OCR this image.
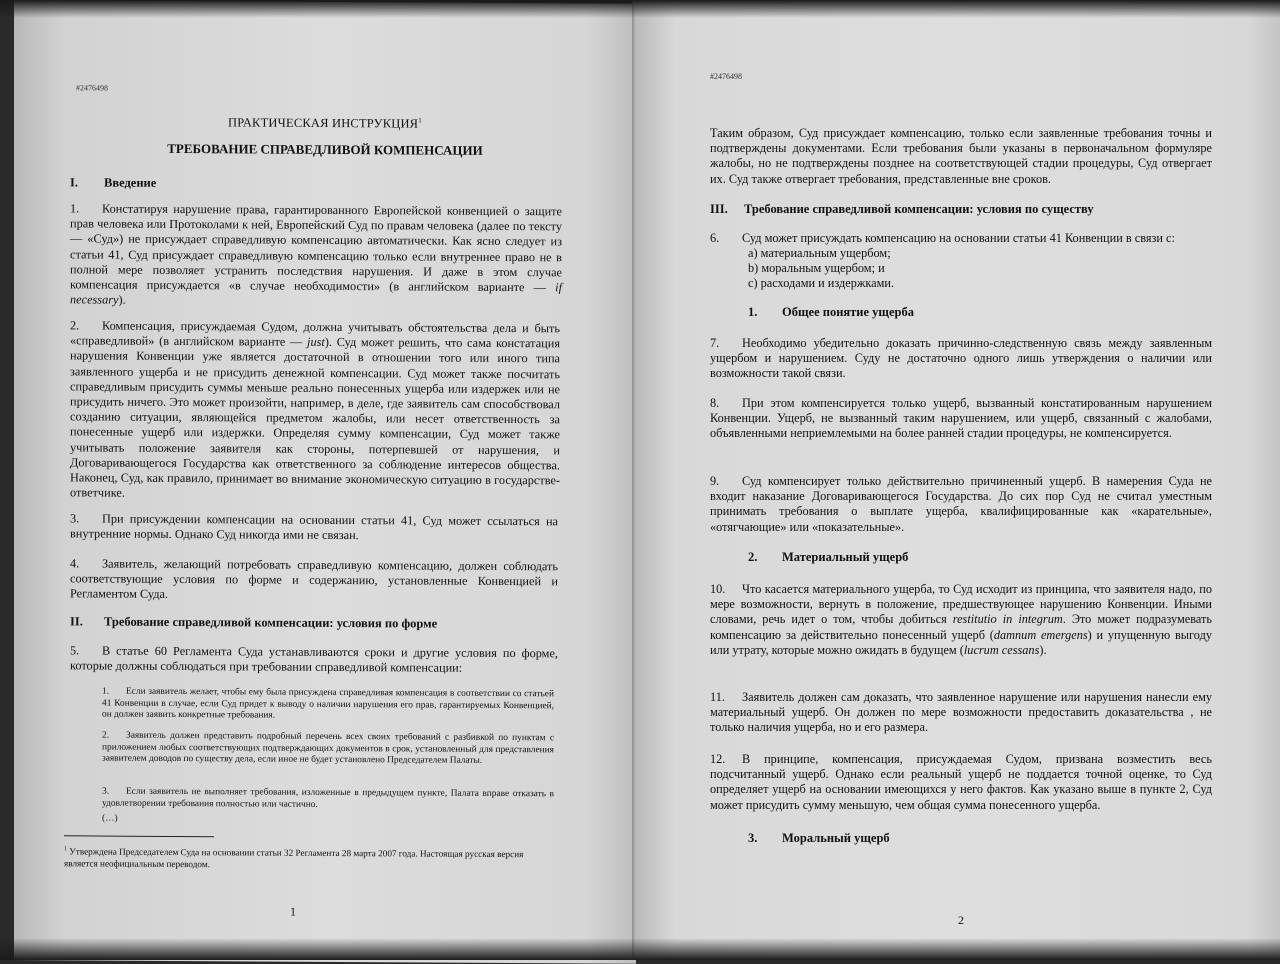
#2476498
ПРАКТИЧЕСКАЯ ИНСТРУКЦИЯ$^1$
ТРЕБОВАНИЕ СПРАВЕДЛИВОЙ КОМПЕНСАЦИИ
I. Введение
1. Констатируя нарушение права, гарантированного Европейской конвенцией о защите прав человека или Протоколами к ней, Европейский Суд по правам человека (далее по тексту — «Суд») не присуждает справедливую компенсацию автоматически. Как ясно следует из статьи 41, Суд присуждает справедливую компенсацию только если внутреннее право не в полной мере позволяет устранить последствия нарушения. И даже в этом случае компенсация присуждается «в случае необходимости» (в английском варианте — if necessary).
2. Компенсация, присуждаемая Судом, должна учитывать обстоятельства дела и быть «справедливой» (в английском варианте — just). Суд может решить, что сама констатация нарушения Конвенции уже является достаточной в отношении того или иного типа заявленного ущерба и не присудить денежной компенсации. Суд может также посчитать справедливым присудить суммы меньше реально понесенных ущерба или издержек или не присудить ничего. Это может произойти, например, в деле, где заявитель сам способствовал созданию ситуации, являющейся предметом жалобы, или несет ответственность за понесенные ущерб или издержки. Определяя сумму компенсации, Суд может также учитывать положение заявителя как стороны, потерпевшей от нарушения, и Договаривающегося Государства как ответственного за соблюдение интересов общества. Наконец, Суд, как правило, принимает во внимание экономическую ситуацию в государстве-ответчике.
3. При присуждении компенсации на основании статьи 41, Суд может ссылаться на внутренние нормы. Однако Суд никогда ими не связан.
4. Заявитель, желающий потребовать справедливую компенсацию, должен соблюдать соответствующие условия по форме и содержанию, установленные Конвенцией и Регламентом Суда.
II. Требование справедливой компенсации: условия по форме
5. В статье 60 Регламента Суда устанавливаются сроки и другие условия по форме, которые должны соблюдаться при требовании справедливой компенсации:
1. Если заявитель желает, чтобы ему была присуждена справедливая компенсация в соответствии со статьей 41 Конвенции в случае, если Суд придет к выводу о наличии нарушения его прав, гарантируемых Конвенцией, он должен заявить конкретные требования.
2. Заявитель должен представить подробный перечень всех своих требований с разбивкой по пунктам с приложением любых соответствующих подтверждающих документов в срок, установленный для представления заявителем доводов по существу дела, если иное не будет установлено Председателем Палаты.
3. Если заявитель не выполняет требования, изложенные в предыдущем пункте, Палата вправе отказать в удовлетворении требования полностью или частично.
(…)
$^1$ Утверждена Председателем Суда на основании статьи 32 Регламента 28 марта 2007 года. Настоящая русская версия является неофициальным переводом.
1
#2476498
Таким образом, Суд присуждает компенсацию, только если заявленные требования точны и подтверждены документами. Если требования были указаны в первоначальном формуляре жалобы, но не подтверждены позднее на соответствующей стадии процедуры, Суд отвергает их. Суд также отвергает требования, представленные вне сроков.
III. Требование справедливой компенсации: условия по существу
6. Суд может присуждать компенсацию на основании статьи 41 Конвенции в связи с:
a) материальным ущербом;
b) моральным ущербом; и
c) расходами и издержками.
1. Общее понятие ущерба
7. Необходимо убедительно доказать причинно-следственную связь между заявленным ущербом и нарушением. Суду не достаточно одного лишь утверждения о наличии или возможности такой связи.
8. При этом компенсируется только ущерб, вызванный констатированным нарушением Конвенции. Ущерб, не вызванный таким нарушением, или ущерб, связанный с жалобами, объявленными неприемлемыми на более ранней стадии процедуры, не компенсируется.
9. Суд компенсирует только действительно причиненный ущерб. В намерения Суда не входит наказание Договаривающегося Государства. До сих пор Суд не считал уместным принимать требования о выплате ущерба, квалифицированные как «карательные», «отягчающие» или «показательные».
2. Материальный ущерб
10. Что касается материального ущерба, то Суд исходит из принципа, что заявителя надо, по мере возможности, вернуть в положение, предшествующее нарушению Конвенции. Иными словами, речь идет о том, чтобы добиться restitutio in integrum. Это может подразумевать компенсацию за действительно понесенный ущерб (damnum emergens) и упущенную выгоду или утрату, которые можно ожидать в будущем (lucrum cessans).
11. Заявитель должен сам доказать, что заявленное нарушение или нарушения нанесли ему материальный ущерб. Он должен по мере возможности предоставить доказательства , не только наличия ущерба, но и его размера.
12. В принципе, компенсация, присуждаемая Судом, призвана возместить весь подсчитанный ущерб. Однако если реальный ущерб не поддается точной оценке, то Суд определяет ущерб на основании имеющихся у него фактов. Как указано выше в пункте 2, Суд может присудить сумму меньшую, чем общая сумма понесенного ущерба.
3. Моральный ущерб
2
